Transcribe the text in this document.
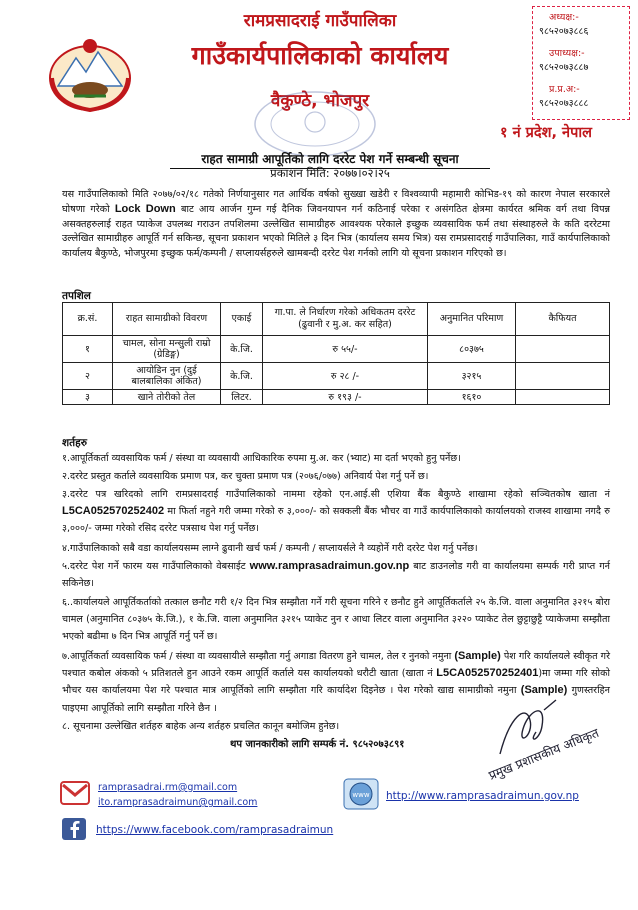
रामप्रसादराई गाउँपालिका
गाउँकार्यपालिकाको कार्यालय
वैकुण्ठे, भोजपुर
अध्यक्ष:-
९८५२०७३८८६
उपाध्यक्ष:-
९८५२०७३८८७
प्र.प्र.अ:-
९८५२०७३८८८
१ नं प्रदेश, नेपाल
राहत सामाग्री आपूर्तिको लागि दररेट पेश गर्ने सम्बन्धी सूचना
प्रकाशन मिति: २०७७।०२।२५
यस गाउँपालिकाको मिति २०७७/०२/१८ गतेको निर्णयानुसार गत आर्थिक वर्षको सुख्खा खडेरी र विश्वव्यापी महामारी कोभिड-१९ को कारण नेपाल सरकारले घोषणा गरेको Lock Down बाट आय आर्जन गुम्न गई दैनिक जिवनयापन गर्न कठिनाई परेका र असंगठित क्षेत्रमा कार्यरत श्रमिक वर्ग तथा विपन्न असक्तहरुलाई राहत प्याकेज उपलब्ध गराउन तपशिलमा उल्लेखित सामाग्रीहरु आवश्यक परेकाले इच्छुक व्यवसायिक फर्म तथा संस्थाहरुले के कति दररेटमा उल्लेखित सामाग्रीहरु आपूर्ति गर्न सकिन्छ, सूचना प्रकाशन भएको मितिले ३ दिन भित्र (कार्यालय समय भित्र) यस रामप्रसादराई गाउँपालिका, गाउँ कार्यपालिकाको कार्यालय बैकुण्ठे, भोजपुरमा इच्छुक फर्म/कम्पनी / सप्लायर्सहरुले खामबन्दी दररेट पेश गर्नको लागि यो सूचना प्रकाशन गरिएको छ।
तपशिल
क्र.सं.	राहत सामाग्रीको विवरण	एकाई	गा.पा. ले निर्धारण गरेको अधिकतम दररेट (ढुवानी र मु.अ. कर सहित)	अनुमानित परिमाण	कैफियत
१	चामल, सोना मन्सुली राम्रो (ग्रेडिङ्ग)	के.जि.	रु ५५/-	८०३७५	
२	आयोडिन नुन (दुई बालबालिका अंकित)	के.जि.	रु २८ /-	३२१५	
३	खाने तोरीको तेल	लिटर.	रु १९३ /-	१६१०	
शर्तहरु
१.आपूर्तिकर्ता व्यवसायिक फर्म / संस्था वा व्यवसायी आधिकारिक रुपमा मु.अ. कर (भ्याट) मा दर्ता भएको हुनु पर्नेछ।
२.दररेट प्रस्तुत कर्ताले व्यवसायिक प्रमाण पत्र, कर चुक्ता प्रमाण पत्र (२०७६/०७७) अनिवार्य पेश गर्नु पर्ने छ।
३.दररेट पत्र खरिदको लागि रामप्रसादराई गाउँपालिकाको नाममा रहेको एन.आई.सी एशिया बैंक बैकुण्ठे शाखामा रहेको सञ्चितकोष खाता नं L5CA052570252402 मा फिर्ता नहुने गरी जम्मा गरेको रु ३,०००/- को सक्कली बैंक भौचर वा गाउँ कार्यपालिकाको कार्यालयको राजस्व शाखामा नगदै रु ३,०००/- जम्मा गरेको रसिद दररेट पत्रसाथ पेश गर्नु पर्नेछ।
४.गाउँपालिकाको सबै वडा कार्यालयसम्म लाग्ने ढुवानी खर्च फर्म / कम्पनी / सप्लायर्सले नै व्यहोर्ने गरी दररेट पेश गर्नु पर्नेछ।
५.दररेट पेश गर्ने फारम यस गाउँपालिकाको वेबसाईट www.ramprasadraimun.gov.np बाट डाउनलोड गरी वा कार्यालयमा सम्पर्क गरी प्राप्त गर्न सकिनेछ।
६..कार्यालयले आपूर्तिकर्ताको तत्काल छनौट गरी १/२ दिन भित्र सम्झौता गर्ने गरी सूचना गरिने र छनौट हुने आपूर्तिकर्ताले २५ के.जि. वाला अनुमानित ३२१५ बोरा चामल (अनुमानित ८०३७५ के.जि.), १ के.जि. वाला अनुमानित ३२१५ प्याकेट नुन र आधा लिटर वाला अनुमानित ३२२० प्याकेट तेल छुट्टाछुट्टै प्याकेजमा सम्झौता भएको बढीमा ७ दिन भित्र आपूर्ति गर्नु पर्ने छ।
७.आपूर्तिकर्ता व्यवसायिक फर्म / संस्था वा व्यवसायीले सम्झौता गर्नु अगाडा वितरण हुने चामल, तेल र नुनको नमुना (Sample) पेश गरि कार्यालयले स्वीकृत गरे पश्चात कबोल अंकको ५ प्रतिशतले हुन आउने रकम आपूर्ति कर्ताले यस कार्यालयको धरौटी खाता (खाता नं L5CA052570252401)मा जम्मा गरि सोको भौचर यस कार्यालयमा पेश गरे पश्चात मात्र आपूर्तिको लागि सम्झौता गरि कार्यादेश दिइनेछ । पेश गरेको खाद्य सामाग्रीको नमुना (Sample) गुणस्तरहिन पाइएमा आपूर्तिको लागि सम्झौता गरिने छैन ।
८. सूचनामा उल्लेखित शर्तहरु बाहेक अन्य शर्तहरु प्रचलित कानून बमोजिम हुनेछ।
थप जानकारीको लागि सम्पर्क नं. ९८५२०७३८९१	प्रमुख प्रशासकीय अधिकृत
ramprasadrai.rm@gmail.com
ito.ramprasadraimun@gmail.com
www http://www.ramprasadraimun.gov.np
https://www.facebook.com/ramprasadraimun
